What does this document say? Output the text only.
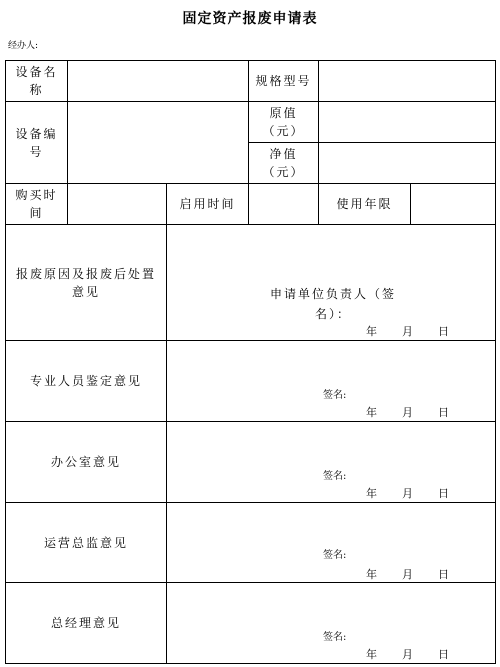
固定资产报废申请表
经办人:
设备名称
规格型号
设备编号
原值（元）
净值（元）
购买时间
启用时间	使用年限
报废原因及报废后处置意见	申请单位负责人（签名）：
年 月 日
专业人员鉴定意见
签名:
年 月 日
办公室意见
签名:
年 月 日
运营总监意见
签名:
年 月 日
总经理意见
签名:
年 月 日
